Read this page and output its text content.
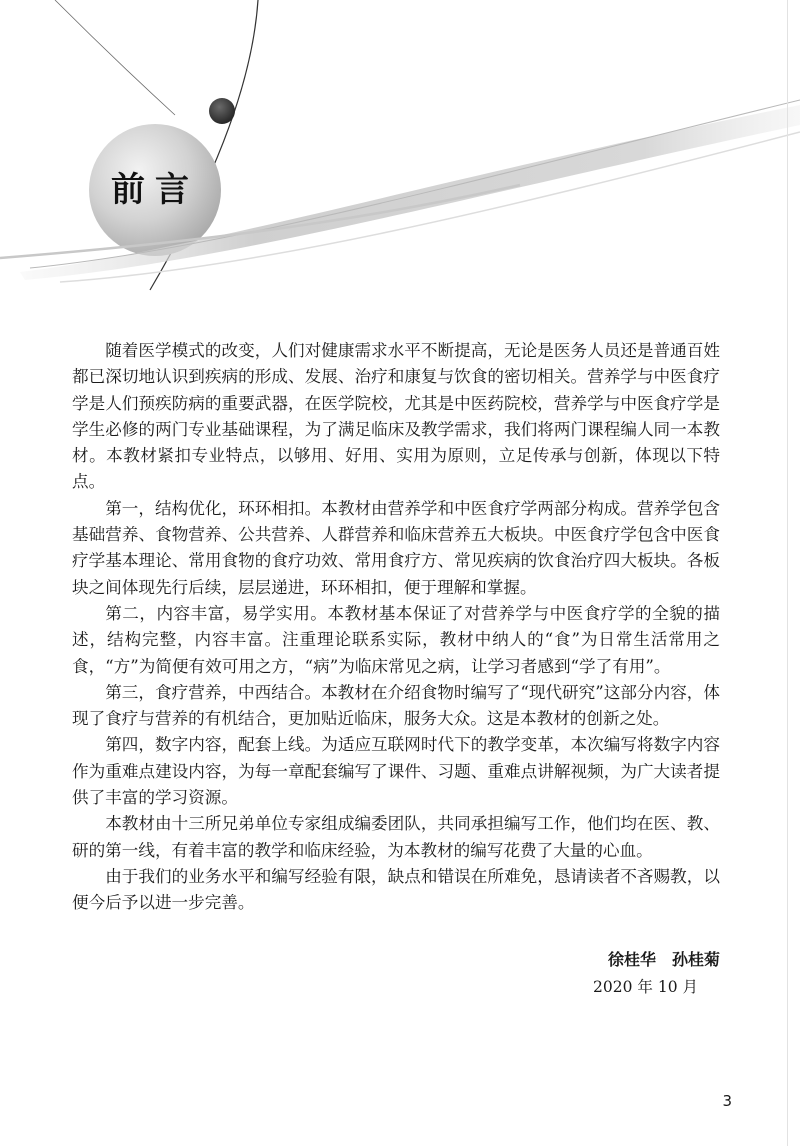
前言

随着医学模式的改变，人们对健康需求水平不断提高，无论是医务人员还是普通百姓都已深切地认识到疾病的形成、发展、治疗和康复与饮食的密切相关。营养学与中医食疗学是人们预疾防病的重要武器，在医学院校，尤其是中医药院校，营养学与中医食疗学是学生必修的两门专业基础课程，为了满足临床及教学需求，我们将两门课程编人同一本教材。本教材紧扣专业特点，以够用、好用、实用为原则，立足传承与创新，体现以下特点。

第一，结构优化，环环相扣。本教材由营养学和中医食疗学两部分构成。营养学包含基础营养、食物营养、公共营养、人群营养和临床营养五大板块。中医食疗学包含中医食疗学基本理论、常用食物的食疗功效、常用食疗方、常见疾病的饮食治疗四大板块。各板块之间体现先行后续，层层递进，环环相扣，便于理解和掌握。

第二，内容丰富，易学实用。本教材基本保证了对营养学与中医食疗学的全貌的描述，结构完整，内容丰富。注重理论联系实际，教材中纳人的“食”为日常生活常用之食，“方”为简便有效可用之方，“病”为临床常见之病，让学习者感到“学了有用”。

第三，食疗营养，中西结合。本教材在介绍食物时编写了“现代研究”这部分内容，体现了食疗与营养的有机结合，更加贴近临床，服务大众。这是本教材的创新之处。

第四，数字内容，配套上线。为适应互联网时代下的教学变革，本次编写将数字内容作为重难点建设内容，为每一章配套编写了课件、习题、重难点讲解视频，为广大读者提供了丰富的学习资源。

本教材由十三所兄弟单位专家组成编委团队，共同承担编写工作，他们均在医、教、研的第一线，有着丰富的教学和临床经验，为本教材的编写花费了大量的心血。

由于我们的业务水平和编写经验有限，缺点和错误在所难免，恳请读者不吝赐教，以便今后予以进一步完善。

徐桂华　孙桂菊
2020 年 10 月
3
